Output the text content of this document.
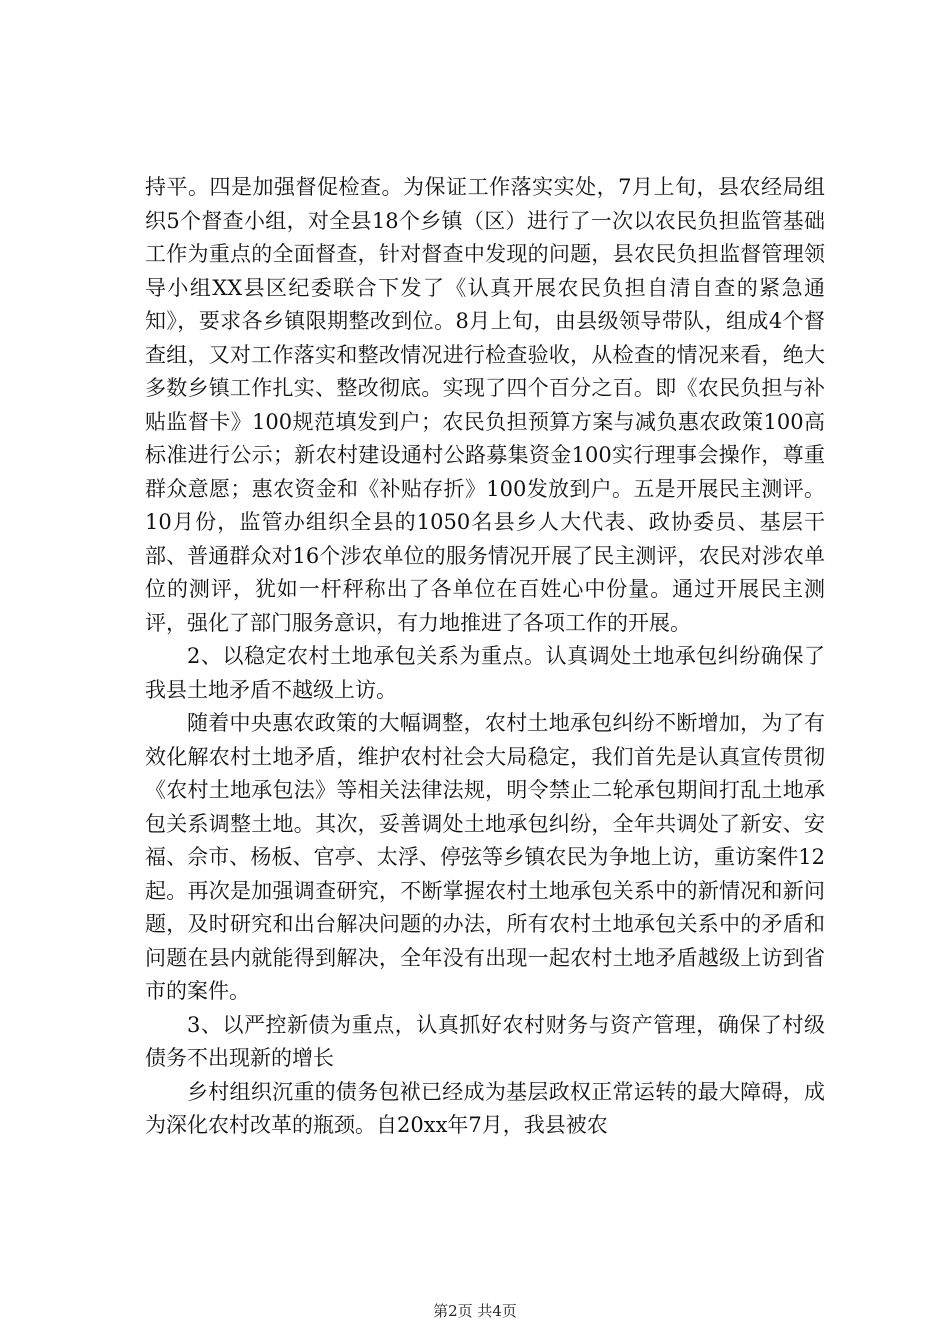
持平。四是加强督促检查。为保证工作落实实处，7月上旬，县农经局组织5个督查小组，对全县18个乡镇（区）进行了一次以农民负担监管基础工作为重点的全面督查，针对督查中发现的问题，县农民负担监督管理领导小组XX县区纪委联合下发了《认真开展农民负担自清自查的紧急通知》，要求各乡镇限期整改到位。8月上旬，由县级领导带队，组成4个督查组，又对工作落实和整改情况进行检查验收，从检查的情况来看，绝大多数乡镇工作扎实、整改彻底。实现了四个百分之百。即《农民负担与补贴监督卡》100规范填发到户；农民负担预算方案与减负惠农政策100高标准进行公示；新农村建设通村公路募集资金100实行理事会操作，尊重群众意愿；惠农资金和《补贴存折》100发放到户。五是开展民主测评。10月份，监管办组织全县的1050名县乡人大代表、政协委员、基层干部、普通群众对16个涉农单位的服务情况开展了民主测评，农民对涉农单位的测评，犹如一杆秤称出了各单位在百姓心中份量。通过开展民主测评，强化了部门服务意识，有力地推进了各项工作的开展。

2、以稳定农村土地承包关系为重点。认真调处土地承包纠纷确保了我县土地矛盾不越级上访。

随着中央惠农政策的大幅调整，农村土地承包纠纷不断增加，为了有效化解农村土地矛盾，维护农村社会大局稳定，我们首先是认真宣传贯彻《农村土地承包法》等相关法律法规，明令禁止二轮承包期间打乱土地承包关系调整土地。其次，妥善调处土地承包纠纷，全年共调处了新安、安福、佘市、杨板、官亭、太浮、停弦等乡镇农民为争地上访，重访案件12起。再次是加强调查研究，不断掌握农村土地承包关系中的新情况和新问题，及时研究和出台解决问题的办法，所有农村土地承包关系中的矛盾和问题在县内就能得到解决，全年没有出现一起农村土地矛盾越级上访到省市的案件。

3、以严控新债为重点，认真抓好农村财务与资产管理，确保了村级债务不出现新的增长

乡村组织沉重的债务包袱已经成为基层政权正常运转的最大障碍，成为深化农村改革的瓶颈。自20xx年7月，我县被农

第2页 共4页
